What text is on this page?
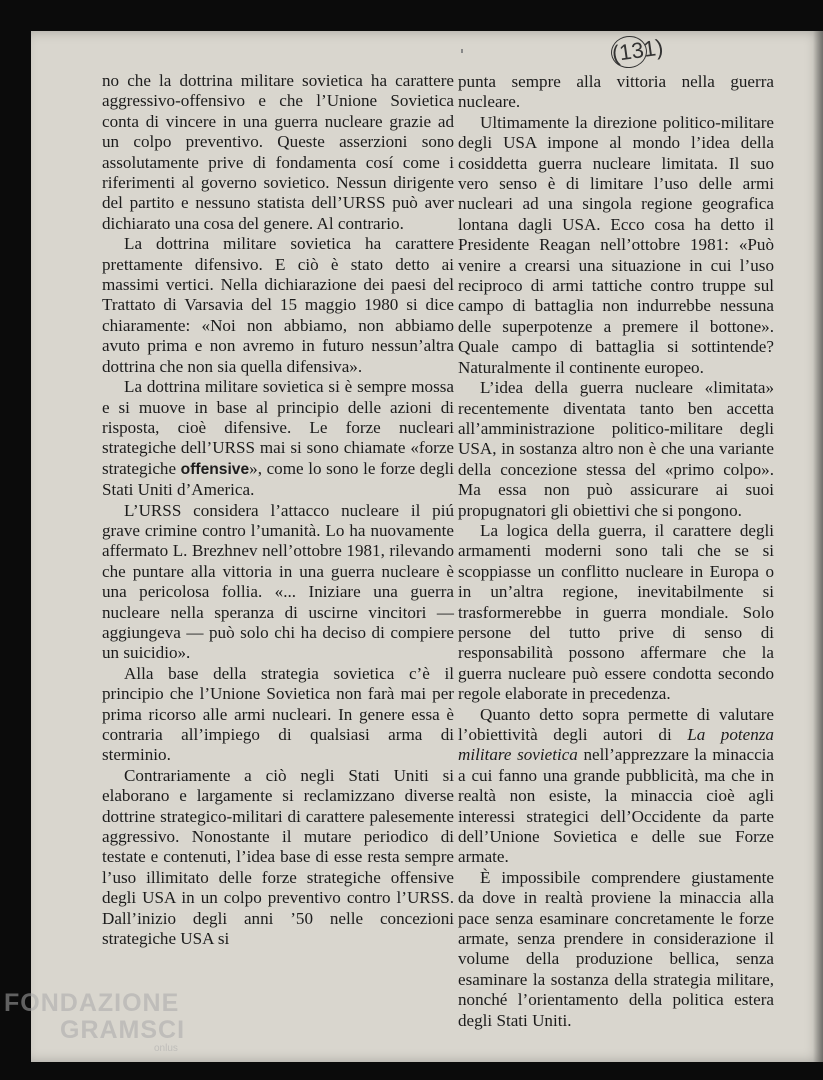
(131)

no che la dottrina militare sovietica ha carattere aggressivo-offensivo e che l’Unione Sovietica conta di vincere in una guerra nucleare grazie ad un colpo preventivo. Queste asserzioni sono assolutamente prive di fondamenta cosí come i riferimenti al governo sovietico. Nessun dirigente del partito e nessuno statista dell’URSS può aver dichiarato una cosa del genere. Al contrario.

La dottrina militare sovietica ha carattere prettamente difensivo. E ciò è stato detto ai massimi vertici. Nella dichiarazione dei paesi del Trattato di Varsavia del 15 maggio 1980 si dice chiaramente: «Noi non abbiamo, non abbiamo avuto prima e non avremo in futuro nessun’altra dottrina che non sia quella difensiva».

La dottrina militare sovietica si è sempre mossa e si muove in base al principio delle azioni di risposta, cioè difensive. Le forze nucleari strategiche dell’URSS mai si sono chiamate «forze strategiche offensive», come lo sono le forze degli Stati Uniti d’America.

L’URSS considera l’attacco nucleare il piú grave crimine contro l’umanità. Lo ha nuovamente affermato L. Brezhnev nell’ottobre 1981, rilevando che puntare alla vittoria in una guerra nucleare è una pericolosa follia. «... Iniziare una guerra nucleare nella speranza di uscirne vincitori — aggiungeva — può solo chi ha deciso di compiere un suicidio».

Alla base della strategia sovietica c’è il principio che l’Unione Sovietica non farà mai per prima ricorso alle armi nucleari. In genere essa è contraria all’impiego di qualsiasi arma di sterminio.

Contrariamente a ciò negli Stati Uniti si elaborano e largamente si reclamizzano diverse dottrine strategico-militari di carattere palesemente aggressivo. Nonostante il mutare periodico di testate e contenuti, l’idea base di esse resta sempre l’uso illimitato delle forze strategiche offensive degli USA in un colpo preventivo contro l’URSS. Dall’inizio degli anni ’50 nelle concezioni strategiche USA si

punta sempre alla vittoria nella guerra nucleare.

Ultimamente la direzione politico-militare degli USA impone al mondo l’idea della cosiddetta guerra nucleare limitata. Il suo vero senso è di limitare l’uso delle armi nucleari ad una singola regione geografica lontana dagli USA. Ecco cosa ha detto il Presidente Reagan nell’ottobre 1981: «Può venire a crearsi una situazione in cui l’uso reciproco di armi tattiche contro truppe sul campo di battaglia non indurrebbe nessuna delle superpotenze a premere il bottone». Quale campo di battaglia si sottintende? Naturalmente il continente europeo.

L’idea della guerra nucleare «limitata» recentemente diventata tanto ben accetta all’amministrazione politico-militare degli USA, in sostanza altro non è che una variante della concezione stessa del «primo colpo». Ma essa non può assicurare ai suoi propugnatori gli obiettivi che si pongono.

La logica della guerra, il carattere degli armamenti moderni sono tali che se si scoppiasse un conflitto nucleare in Europa o in un’altra regione, inevitabilmente si trasformerebbe in guerra mondiale. Solo persone del tutto prive di senso di responsabilità possono affermare che la guerra nucleare può essere condotta secondo regole elaborate in precedenza.

Quanto detto sopra permette di valutare l’obiettività degli autori di La potenza militare sovietica nell’apprezzare la minaccia a cui fanno una grande pubblicità, ma che in realtà non esiste, la minaccia cioè agli interessi strategici dell’Occidente da parte dell’Unione Sovietica e delle sue Forze armate.

È impossibile comprendere giustamente da dove in realtà proviene la minaccia alla pace senza esaminare concretamente le forze armate, senza prendere in considerazione il volume della produzione bellica, senza esaminare la sostanza della strategia militare, nonché l’orientamento della politica estera degli Stati Uniti.

FONDAZIONE
GRAMSCI
onlus
